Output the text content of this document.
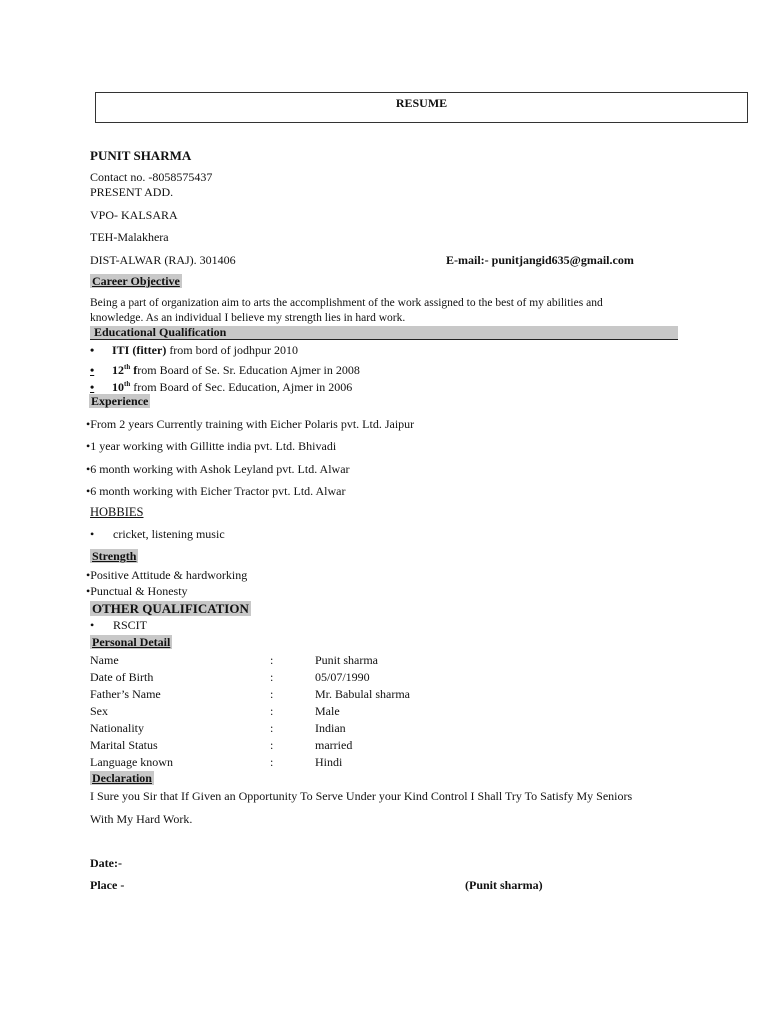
RESUME
PUNIT SHARMA
Contact no. -8058575437
PRESENT ADD.
VPO- KALSARA
TEH-Malakhera
DIST-ALWAR (RAJ). 301406	E-mail:- punitjangid635@gmail.com
Career Objective
Being a part of organization aim to arts the accomplishment of the work assigned to the best of my abilities and
knowledge. As an individual I believe my strength lies in hard work.
Educational Qualification
• ITI (fitter) from bord of jodhpur 2010
• 12th from Board of Se. Sr. Education Ajmer in 2008
• 10th from Board of Sec. Education, Ajmer in 2006
Experience
•From 2 years Currently training with Eicher Polaris pvt. Ltd. Jaipur
•1 year working with Gillitte india pvt. Ltd. Bhivadi
•6 month working with Ashok Leyland pvt. Ltd. Alwar
•6 month working with Eicher Tractor pvt. Ltd. Alwar
HOBBIES
• cricket, listening music
Strength
•Positive Attitude & hardworking
•Punctual & Honesty
OTHER QUALIFICATION
• RSCIT
Personal Detail
Name	:	Punit sharma
Date of Birth	:	05/07/1990
Father’s Name	:	Mr. Babulal sharma
Sex	:	Male
Nationality	:	Indian
Marital Status	:	married
Language known	:	Hindi
Declaration
I Sure you Sir that If Given an Opportunity To Serve Under your Kind Control I Shall Try To Satisfy My Seniors
With My Hard Work.
Date:-
Place -	(Punit sharma)
